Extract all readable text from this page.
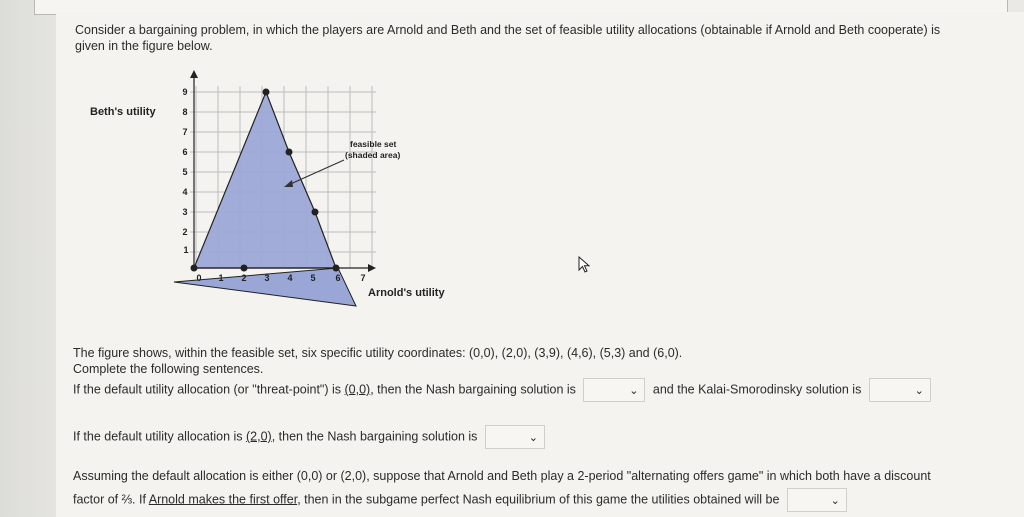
Consider a bargaining problem, in which the players are Arnold and Beth and the set of feasible utility allocations (obtainable if Arnold and Beth cooperate) is
given in the figure below.
9
8
7
6
5
4
3
2
1
0 1 2 3 4 5 6 7
Beth's utility
Arnold's utility
feasible set
(shaded area)
The figure shows, within the feasible set, six specific utility coordinates: (0,0), (2,0), (3,9), (4,6), (5,3) and (6,0).
Complete the following sentences.
If the default utility allocation (or "threat-point") is (0,0), then the Nash bargaining solution is	⌄ and the Kalai-Smorodinsky solution is	⌄
If the default utility allocation is (2,0), then the Nash bargaining solution is	⌄
Assuming the default allocation is either (0,0) or (2,0), suppose that Arnold and Beth play a 2-period "alternating offers game" in which both have a discount
factor of ⅔. If Arnold makes the first offer, then in the subgame perfect Nash equilibrium of this game the utilities obtained will be	⌄
